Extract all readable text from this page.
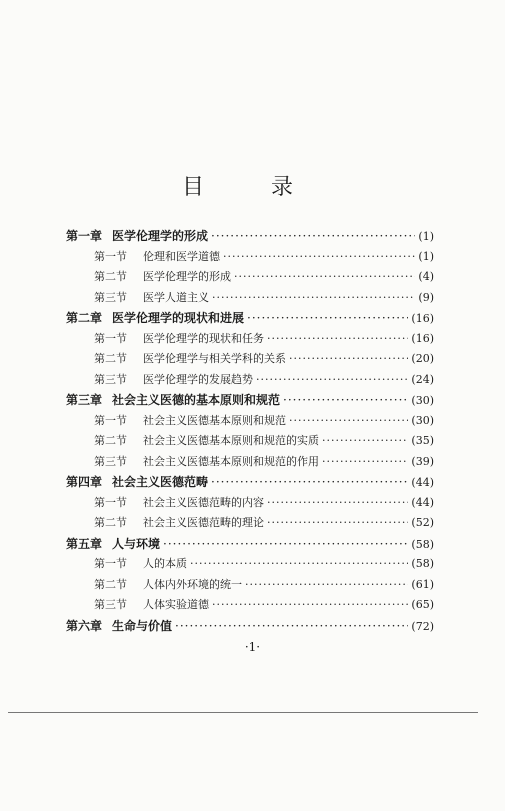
目 录
第一章 医学伦理学的形成 ·····	(1)
第一节 伦理和医学道德 ·····	(1)
第二节 医学伦理学的形成 ·····	(4)
第三节 医学人道主义 ·····	(9)
第二章 医学伦理学的现状和进展 ·····	(16)
第一节 医学伦理学的现状和任务 ·····	(16)
第二节 医学伦理学与相关学科的关系 ·····	(20)
第三节 医学伦理学的发展趋势 ·····	(24)
第三章 社会主义医德的基本原则和规范 ·····	(30)
第一节 社会主义医德基本原则和规范 ·····	(30)
第二节 社会主义医德基本原则和规范的实质 ·····	(35)
第三节 社会主义医德基本原则和规范的作用 ·····	(39)
第四章 社会主义医德范畴 ·····	(44)
第一节 社会主义医德范畴的内容 ·····	(44)
第二节 社会主义医德范畴的理论 ·····	(52)
第五章 人与环境 ·····	(58)
第一节 人的本质 ·····	(58)
第二节 人体内外环境的统一 ·····	(61)
第三节 人体实验道德 ·····	(65)
第六章 生命与价值 ·····	(72)
·1·
